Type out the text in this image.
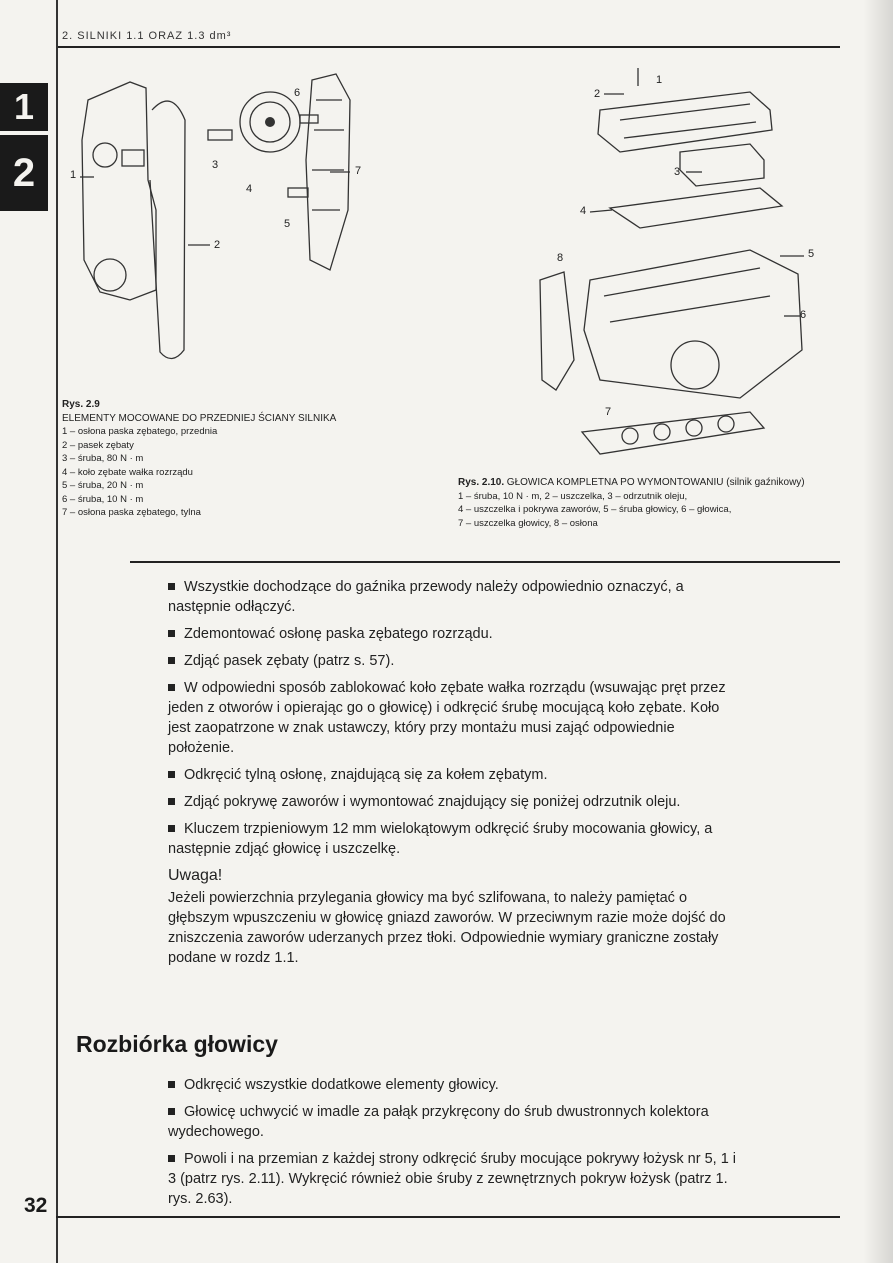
2. SILNIKI 1.1 ORAZ 1.3 dm³
1
2	1
2
3
4
5
6
7
Rys. 2.9
ELEMENTY MOCOWANE DO PRZEDNIEJ ŚCIANY SILNIKA
1 – osłona paska zębatego, przednia
2 – pasek zębaty
3 – śruba, 80 N · m
4 – koło zębate wałka rozrządu
5 – śruba, 20 N · m
6 – śruba, 10 N · m
7 – osłona paska zębatego, tylna
1
2
3
4
5
6
7
8
Rys. 2.10. GŁOWICA KOMPLETNA PO WYMONTOWANIU (silnik gaźnikowy)
1 – śruba, 10 N · m, 2 – uszczelka, 3 – odrzutnik oleju,
4 – uszczelka i pokrywa zaworów, 5 – śruba głowicy, 6 – głowica,
7 – uszczelka głowicy, 8 – osłona

Wszystkie dochodzące do gaźnika przewody należy odpowiednio oznaczyć, a następnie odłączyć.

Zdemontować osłonę paska zębatego rozrządu.

Zdjąć pasek zębaty (patrz s. 57).

W odpowiedni sposób zablokować koło zębate wałka rozrządu (wsuwając pręt przez jeden z otworów i opierając go o głowicę) i odkręcić śrubę mocującą koło zębate. Koło jest zaopatrzone w znak ustawczy, który przy montażu musi zająć odpowiednie położenie.

Odkręcić tylną osłonę, znajdującą się za kołem zębatym.

Zdjąć pokrywę zaworów i wymontować znajdujący się poniżej odrzutnik oleju.

Kluczem trzpieniowym 12 mm wielokątowym odkręcić śruby mocowania głowicy, a następnie zdjąć głowicę i uszczelkę.

Uwaga!

Jeżeli powierzchnia przylegania głowicy ma być szlifowana, to należy pamiętać o głębszym wpuszczeniu w głowicę gniazd zaworów. W przeciwnym razie może dojść do zniszczenia zaworów uderzanych przez tłoki. Odpowiednie wymiary graniczne zostały podane w rozdz 1.1.

Rozbiórka głowicy

Odkręcić wszystkie dodatkowe elementy głowicy.

Głowicę uchwycić w imadle za pałąk przykręcony do śrub dwustronnych kolektora wydechowego.

Powoli i na przemian z każdej strony odkręcić śruby mocujące pokrywy łożysk nr 5, 1 i 3 (patrz rys. 2.11). Wykręcić również obie śruby z zewnętrznych pokryw łożysk (patrz 1. rys. 2.63).

32
